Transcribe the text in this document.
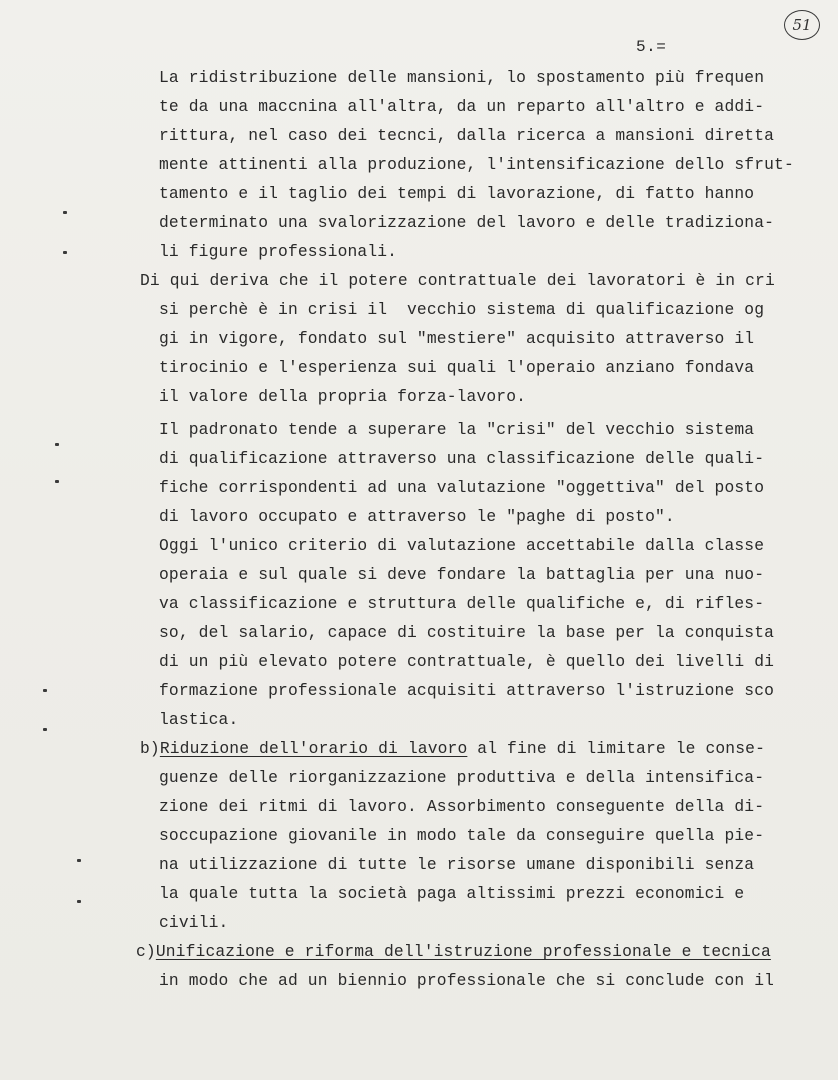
51
5.=
La ridistribuzione delle mansioni, lo spostamento più frequen
te da una maccnina all'altra, da un reparto all'altro e addi-
rittura, nel caso dei tecnci, dalla ricerca a mansioni diretta
mente attinenti alla produzione, l'intensificazione dello sfrut-
tamento e il taglio dei tempi di lavorazione, di fatto hanno
determinato una svalorizzazione del lavoro e delle tradiziona-
li figure professionali.
Di qui deriva che il potere contrattuale dei lavoratori è in cri
si perchè è in crisi il  vecchio sistema di qualificazione og
gi in vigore, fondato sul "mestiere" acquisito attraverso il
tirocinio e l'esperienza sui quali l'operaio anziano fondava
il valore della propria forza-lavoro.
Il padronato tende a superare la "crisi" del vecchio sistema
di qualificazione attraverso una classificazione delle quali-
fiche corrispondenti ad una valutazione "oggettiva" del posto
di lavoro occupato e attraverso le "paghe di posto".
Oggi l'unico criterio di valutazione accettabile dalla classe
operaia e sul quale si deve fondare la battaglia per una nuo-
va classificazione e struttura delle qualifiche e, di rifles-
so, del salario, capace di costituire la base per la conquista
di un più elevato potere contrattuale, è quello dei livelli di
formazione professionale acquisiti attraverso l'istruzione sco
lastica.
b)Riduzione dell'orario di lavoro al fine di limitare le conse-
guenze delle riorganizzazione produttiva e della intensifica-
zione dei ritmi di lavoro. Assorbimento conseguente della di-
soccupazione giovanile in modo tale da conseguire quella pie-
na utilizzazione di tutte le risorse umane disponibili senza
la quale tutta la società paga altissimi prezzi economici e
civili.
c)Unificazione e riforma dell'istruzione professionale e tecnica
in modo che ad un biennio professionale che si conclude con il
